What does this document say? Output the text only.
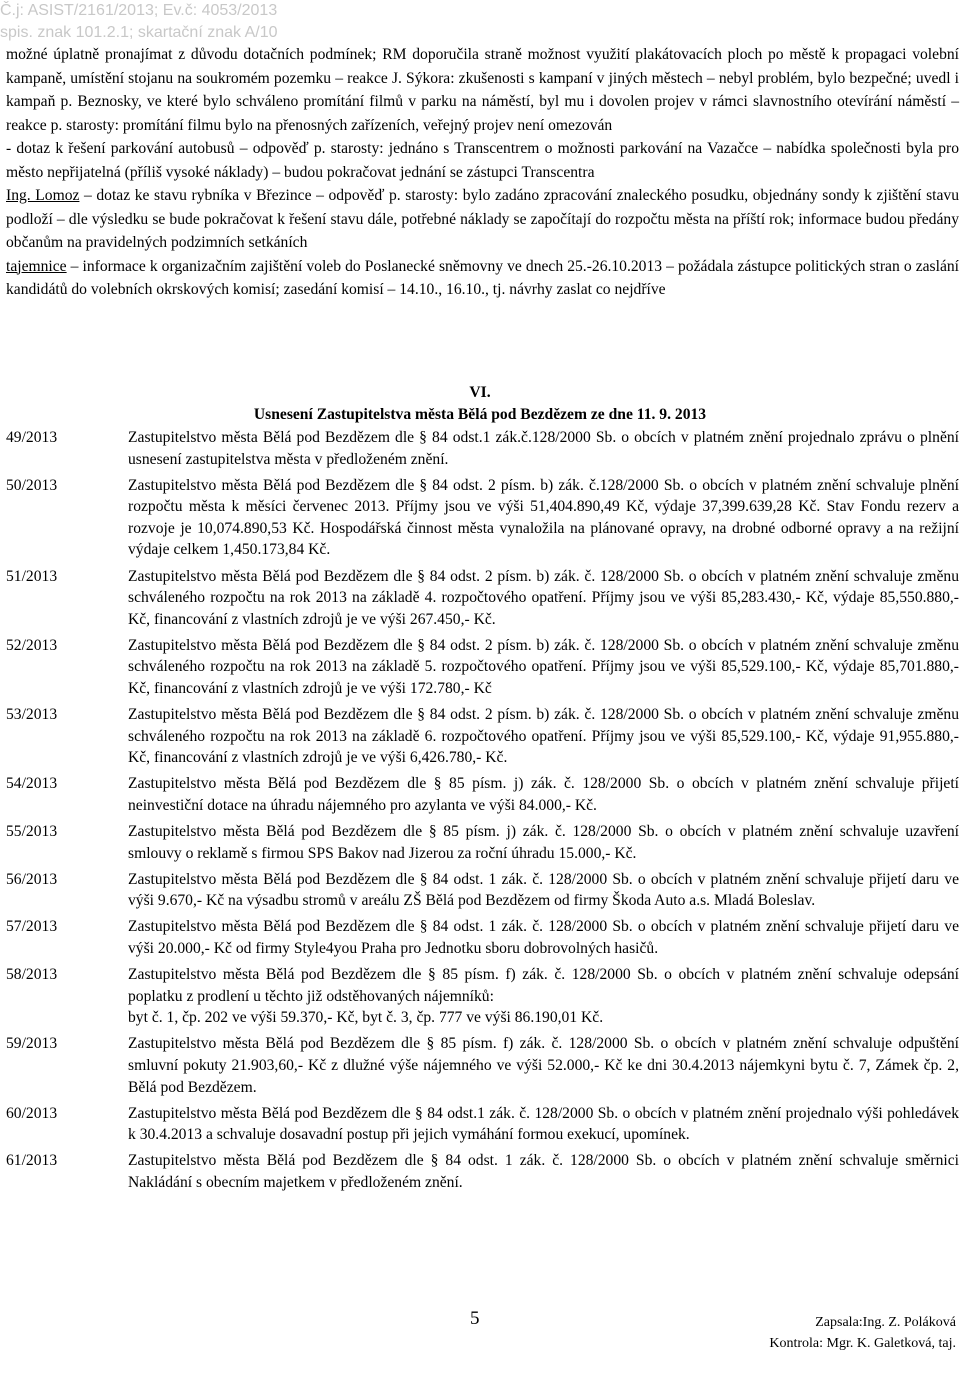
Č.j: ASIST/2161/2013; Ev.č: 4053/2013
spis. znak 101.2.1; skartační znak A/10

možné úplatně pronajímat z důvodu dotačních podmínek; RM doporučila straně možnost využití plakátovacích ploch po městě k propagaci volební kampaně, umístění stojanu na soukromém pozemku – reakce J. Sýkora: zkušenosti s kampaní v jiných městech – nebyl problém, bylo bezpečné; uvedl i kampaň p. Beznosky, ve které bylo schváleno promítání filmů v parku na náměstí, byl mu i dovolen projev v rámci slavnostního otevírání náměstí – reakce p. starosty: promítání filmu bylo na přenosných zařízeních, veřejný projev není omezován

- dotaz k řešení parkování autobusů – odpověď p. starosty: jednáno s Transcentrem o možnosti parkování na Vazačce – nabídka společnosti byla pro město nepřijatelná (příliš vysoké náklady) – budou pokračovat jednání se zástupci Transcentra

Ing. Lomoz – dotaz ke stavu rybníka v Březince – odpověď p. starosty: bylo zadáno zpracování znaleckého posudku, objednány sondy k zjištění stavu podloží – dle výsledku se bude pokračovat k řešení stavu dále, potřebné náklady se započítají do rozpočtu města na příští rok; informace budou předány občanům na pravidelných podzimních setkáních

tajemnice – informace k organizačním zajištění voleb do Poslanecké sněmovny ve dnech 25.-26.10.2013 – požádala zástupce politických stran o zaslání kandidátů do volebních okrskových komisí; zasedání komisí – 14.10., 16.10., tj. návrhy zaslat co nejdříve

VI.
Usnesení Zastupitelstva města Bělá pod Bezdězem ze dne 11. 9. 2013
49/2013	Zastupitelstvo města Bělá pod Bezdězem dle § 84 odst.1 zák.č.128/2000 Sb. o obcích v platném znění projednalo zprávu o plnění usnesení zastupitelstva města v předloženém znění.
50/2013	Zastupitelstvo města Bělá pod Bezdězem dle § 84 odst. 2 písm. b) zák. č.128/2000 Sb. o obcích v platném znění schvaluje plnění rozpočtu města k měsíci červenec 2013. Příjmy jsou ve výši 51,404.890,49 Kč, výdaje 37,399.639,28 Kč. Stav Fondu rezerv a rozvoje je 10,074.890,53 Kč. Hospodářská činnost města vynaložila na plánované opravy, na drobné odborné opravy a na režijní výdaje celkem 1,450.173,84 Kč.
51/2013	Zastupitelstvo města Bělá pod Bezdězem dle § 84 odst. 2 písm. b) zák. č. 128/2000 Sb. o obcích v platném znění schvaluje změnu schváleného rozpočtu na rok 2013 na základě 4. rozpočtového opatření. Příjmy jsou ve výši 85,283.430,- Kč, výdaje 85,550.880,- Kč, financování z vlastních zdrojů je ve výši 267.450,- Kč.
52/2013	Zastupitelstvo města Bělá pod Bezdězem dle § 84 odst. 2 písm. b) zák. č. 128/2000 Sb. o obcích v platném znění schvaluje změnu schváleného rozpočtu na rok 2013 na základě 5. rozpočtového opatření. Příjmy jsou ve výši 85,529.100,- Kč, výdaje 85,701.880,- Kč, financování z vlastních zdrojů je ve výši 172.780,- Kč
53/2013	Zastupitelstvo města Bělá pod Bezdězem dle § 84 odst. 2 písm. b) zák. č. 128/2000 Sb. o obcích v platném znění schvaluje změnu schváleného rozpočtu na rok 2013 na základě 6. rozpočtového opatření. Příjmy jsou ve výši 85,529.100,- Kč, výdaje 91,955.880,- Kč, financování z vlastních zdrojů je ve výši 6,426.780,- Kč.
54/2013	Zastupitelstvo města Bělá pod Bezdězem dle § 85 písm. j) zák. č. 128/2000 Sb. o obcích v platném znění schvaluje přijetí neinvestiční dotace na úhradu nájemného pro azylanta ve výši 84.000,- Kč.
55/2013	Zastupitelstvo města Bělá pod Bezdězem dle § 85 písm. j) zák. č. 128/2000 Sb. o obcích v platném znění schvaluje uzavření smlouvy o reklamě s firmou SPS Bakov nad Jizerou za roční úhradu 15.000,- Kč.
56/2013	Zastupitelstvo města Bělá pod Bezdězem dle § 84 odst. 1 zák. č. 128/2000 Sb. o obcích v platném znění schvaluje přijetí daru ve výši 9.670,- Kč na výsadbu stromů v areálu ZŠ Bělá pod Bezdězem od firmy Škoda Auto a.s. Mladá Boleslav.
57/2013	Zastupitelstvo města Bělá pod Bezdězem dle § 84 odst. 1 zák. č. 128/2000 Sb. o obcích v platném znění schvaluje přijetí daru ve výši 20.000,- Kč od firmy Style4you Praha pro Jednotku sboru dobrovolných hasičů.
58/2013	Zastupitelstvo města Bělá pod Bezdězem dle § 85 písm. f) zák. č. 128/2000 Sb. o obcích v platném znění schvaluje odepsání poplatku z prodlení u těchto již odstěhovaných nájemníků:
byt č. 1, čp. 202 ve výši 59.370,- Kč, byt č. 3, čp. 777 ve výši 86.190,01 Kč.
59/2013	Zastupitelstvo města Bělá pod Bezdězem dle § 85 písm. f) zák. č. 128/2000 Sb. o obcích v platném znění schvaluje odpuštění smluvní pokuty 21.903,60,- Kč z dlužné výše nájemného ve výši 52.000,- Kč ke dni 30.4.2013 nájemkyni bytu č. 7, Zámek čp. 2, Bělá pod Bezdězem.
60/2013	Zastupitelstvo města Bělá pod Bezdězem dle § 84 odst.1 zák. č. 128/2000 Sb. o obcích v platném znění projednalo výši pohledávek k 30.4.2013 a schvaluje dosavadní postup při jejich vymáhání formou exekucí, upomínek.
61/2013	Zastupitelstvo města Bělá pod Bezdězem dle § 84 odst. 1 zák. č. 128/2000 Sb. o obcích v platném znění schvaluje směrnici Nakládání s obecním majetkem v předloženém znění.
5	Zapsala:Ing. Z. Poláková
Kontrola: Mgr. K. Galetková, taj.
